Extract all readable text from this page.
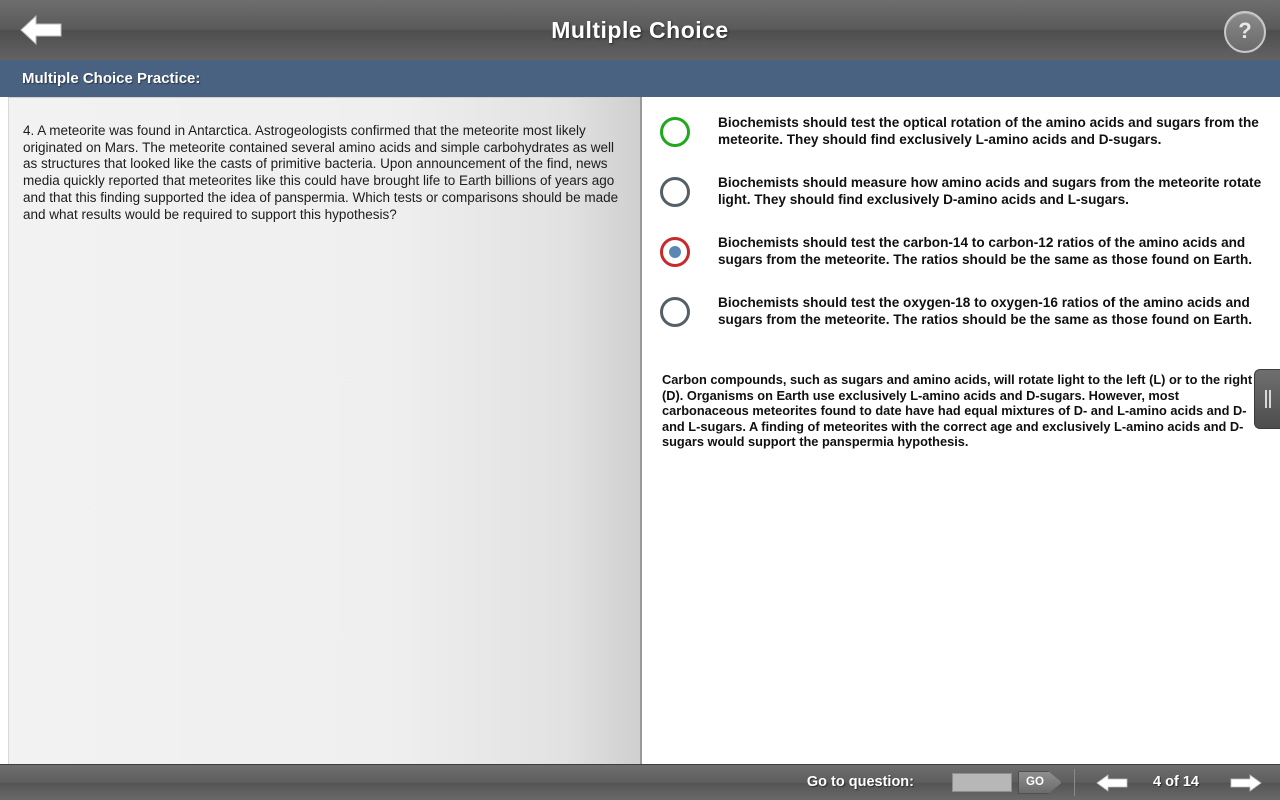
Multiple Choice	?
Multiple Choice Practice:
4. A meteorite was found in Antarctica. Astrogeologists confirmed that the meteorite most likely originated on Mars. The meteorite contained several amino acids and simple carbohydrates as well as structures that looked like the casts of primitive bacteria. Upon announcement of the find, news media quickly reported that meteorites like this could have brought life to Earth billions of years ago and that this finding supported the idea of panspermia. Which tests or comparisons should be made and what results would be required to support this hypothesis?
Biochemists should test the optical rotation of the amino acids and sugars from the meteorite. They should find exclusively L-amino acids and D-sugars.
Biochemists should measure how amino acids and sugars from the meteorite rotate light. They should find exclusively D-amino acids and L-sugars.
Biochemists should test the carbon-14 to carbon-12 ratios of the amino acids and sugars from the meteorite. The ratios should be the same as those found on Earth.
Biochemists should test the oxygen-18 to oxygen-16 ratios of the amino acids and sugars from the meteorite. The ratios should be the same as those found on Earth.
Carbon compounds, such as sugars and amino acids, will rotate light to the left (L) or to the right (D). Organisms on Earth use exclusively L-amino acids and D-sugars. However, most carbonaceous meteorites found to date have had equal mixtures of D- and L-amino acids and D- and L-sugars. A finding of meteorites with the correct age and exclusively L-amino acids and D-sugars would support the panspermia hypothesis.
Go to question:	GO	4 of 14
